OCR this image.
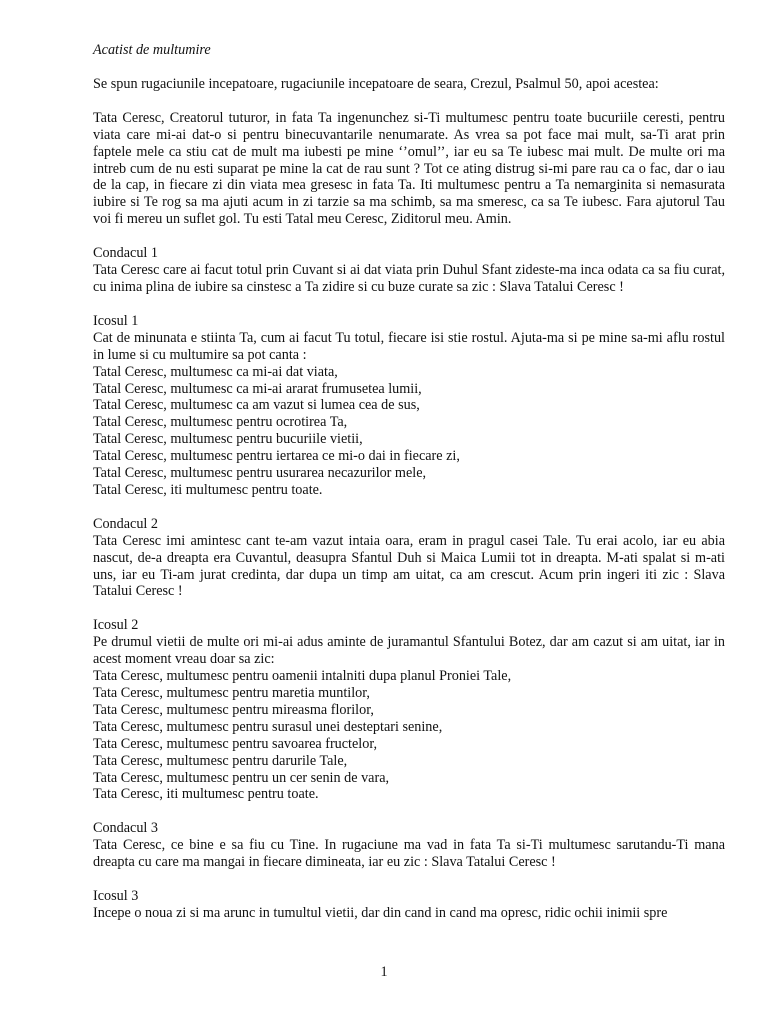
Acatist de multumire

Se spun rugaciunile incepatoare, rugaciunile incepatoare de seara, Crezul, Psalmul 50, apoi acestea:

Tata Ceresc, Creatorul tuturor, in fata Ta ingenunchez si-Ti multumesc pentru toate bucuriile ceresti, pentru viata care mi-ai dat-o si pentru binecuvantarile nenumarate. As vrea sa pot face mai mult, sa-Ti arat prin faptele mele ca stiu cat de mult ma iubesti pe mine ‘’omul’’, iar eu sa Te iubesc mai mult. De multe ori ma intreb cum de nu esti suparat pe mine la cat de rau sunt ? Tot ce ating distrug si-mi pare rau ca o fac, dar o iau de la cap, in fiecare zi din viata mea gresesc in fata Ta. Iti multumesc pentru a Ta nemarginita si nemasurata iubire si Te rog sa ma ajuti acum in zi tarzie sa ma schimb, sa ma smeresc, ca sa Te iubesc. Fara ajutorul Tau voi fi mereu un suflet gol. Tu esti Tatal meu Ceresc, Ziditorul meu. Amin.

Condacul 1

Tata Ceresc care ai facut totul prin Cuvant si ai dat viata prin Duhul Sfant zideste-ma inca odata ca sa fiu curat, cu inima plina de iubire sa cinstesc a Ta zidire si cu buze curate sa zic : Slava Tatalui Ceresc !

Icosul 1

Cat de minunata e stiinta Ta, cum ai facut Tu totul, fiecare isi stie rostul. Ajuta-ma si pe mine sa-mi aflu rostul in lume si cu multumire sa pot canta :

Tatal Ceresc, multumesc ca mi-ai dat viata,

Tatal Ceresc, multumesc ca mi-ai ararat frumusetea lumii,

Tatal Ceresc, multumesc ca am vazut si lumea cea de sus,

Tatal Ceresc, multumesc pentru ocrotirea Ta,

Tatal Ceresc, multumesc pentru bucuriile vietii,

Tatal Ceresc, multumesc pentru iertarea ce mi-o dai in fiecare zi,

Tatal Ceresc, multumesc pentru usurarea necazurilor mele,

Tatal Ceresc, iti multumesc pentru toate.

Condacul 2

Tata Ceresc imi amintesc cant te-am vazut intaia oara, eram in pragul casei Tale. Tu erai acolo, iar eu abia nascut, de-a dreapta era Cuvantul, deasupra Sfantul Duh si Maica Lumii tot in dreapta. M-ati spalat si m-ati uns, iar eu Ti-am jurat credinta, dar dupa un timp am uitat, ca am crescut. Acum prin ingeri iti zic : Slava Tatalui Ceresc !

Icosul 2

Pe drumul vietii de multe ori mi-ai adus aminte de juramantul Sfantului Botez, dar am cazut si am uitat, iar in acest moment vreau doar sa zic:

Tata Ceresc, multumesc pentru oamenii intalniti dupa planul Proniei Tale,

Tata Ceresc, multumesc pentru maretia muntilor,

Tata Ceresc, multumesc pentru mireasma florilor,

Tata Ceresc, multumesc pentru surasul unei desteptari senine,

Tata Ceresc, multumesc pentru savoarea fructelor,

Tata Ceresc, multumesc pentru darurile Tale,

Tata Ceresc, multumesc pentru un cer senin de vara,

Tata Ceresc, iti multumesc pentru toate.

Condacul 3

Tata Ceresc, ce bine e sa fiu cu Tine. In rugaciune ma vad in fata Ta si-Ti multumesc sarutandu-Ti mana dreapta cu care ma mangai in fiecare dimineata, iar eu zic : Slava Tatalui Ceresc !

Icosul 3

Incepe o noua zi si ma arunc in tumultul vietii, dar din cand in cand ma opresc, ridic ochii inimii spre

1
